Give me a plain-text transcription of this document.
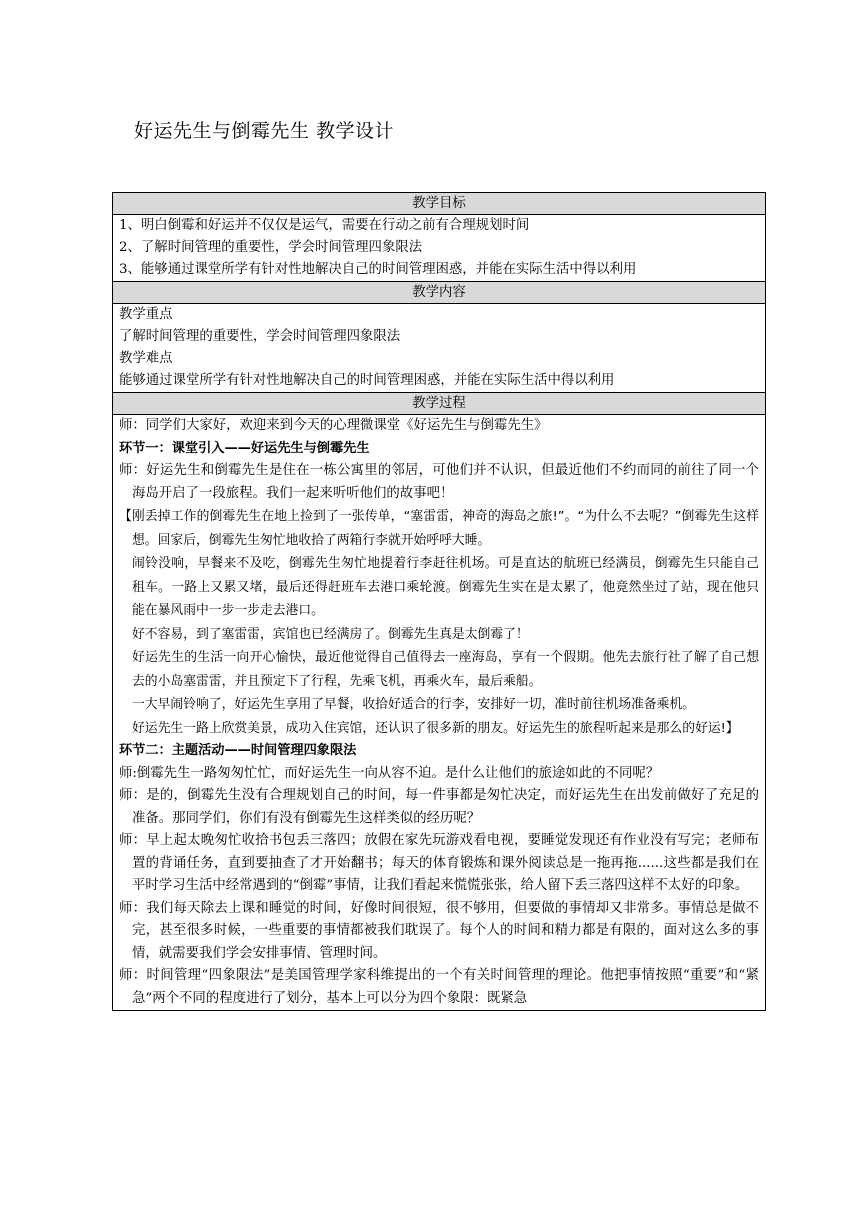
好运先生与倒霉先生 教学设计
教学目标

1、明白倒霉和好运并不仅仅是运气，需要在行动之前有合理规划时间
2、了解时间管理的重要性，学会时间管理四象限法
3、能够通过课堂所学有针对性地解决自己的时间管理困惑，并能在实际生活中得以利用

教学内容

教学重点
了解时间管理的重要性，学会时间管理四象限法
教学难点
能够通过课堂所学有针对性地解决自己的时间管理困惑，并能在实际生活中得以利用

教学过程

师：同学们大家好，欢迎来到今天的心理微课堂《好运先生与倒霉先生》

环节一：课堂引入——好运先生与倒霉先生

师：好运先生和倒霉先生是住在一栋公寓里的邻居，可他们并不认识，但最近他们不约而同的前往了同一个海岛开启了一段旅程。我们一起来听听他们的故事吧！

【刚丢掉工作的倒霉先生在地上捡到了一张传单，“塞雷雷，神奇的海岛之旅!”。“为什么不去呢？”倒霉先生这样想。回家后，倒霉先生匆忙地收拾了两箱行李就开始呼呼大睡。

闹铃没响，早餐来不及吃，倒霉先生匆忙地提着行李赶往机场。可是直达的航班已经满员，倒霉先生只能自己租车。一路上又累又堵，最后还得赶班车去港口乘轮渡。倒霉先生实在是太累了，他竟然坐过了站，现在他只能在暴风雨中一步一步走去港口。

好不容易，到了塞雷雷，宾馆也已经满房了。倒霉先生真是太倒霉了！

好运先生的生活一向开心愉快，最近他觉得自己值得去一座海岛，享有一个假期。他先去旅行社了解了自己想去的小岛塞雷雷，并且预定下了行程，先乘飞机，再乘火车，最后乘船。

一大早闹铃响了，好运先生享用了早餐，收拾好适合的行李，安排好一切，准时前往机场准备乘机。

好运先生一路上欣赏美景，成功入住宾馆，还认识了很多新的朋友。好运先生的旅程听起来是那么的好运!】

环节二：主题活动——时间管理四象限法

师:倒霉先生一路匆匆忙忙，而好运先生一向从容不迫。是什么让他们的旅途如此的不同呢？

师：是的，倒霉先生没有合理规划自己的时间，每一件事都是匆忙决定，而好运先生在出发前做好了充足的准备。那同学们，你们有没有倒霉先生这样类似的经历呢？

师：早上起太晚匆忙收拾书包丢三落四；放假在家先玩游戏看电视，要睡觉发现还有作业没有写完；老师布置的背诵任务，直到要抽查了才开始翻书；每天的体育锻炼和课外阅读总是一拖再拖......这些都是我们在平时学习生活中经常遇到的“倒霉”事情，让我们看起来慌慌张张，给人留下丢三落四这样不太好的印象。

师：我们每天除去上课和睡觉的时间，好像时间很短，很不够用，但要做的事情却又非常多。事情总是做不完，甚至很多时候，一些重要的事情都被我们耽误了。每个人的时间和精力都是有限的，面对这么多的事情，就需要我们学会安排事情、管理时间。

师：时间管理“四象限法”是美国管理学家科维提出的一个有关时间管理的理论。他把事情按照“重要”和“紧急”两个不同的程度进行了划分，基本上可以分为四个象限：既紧急
